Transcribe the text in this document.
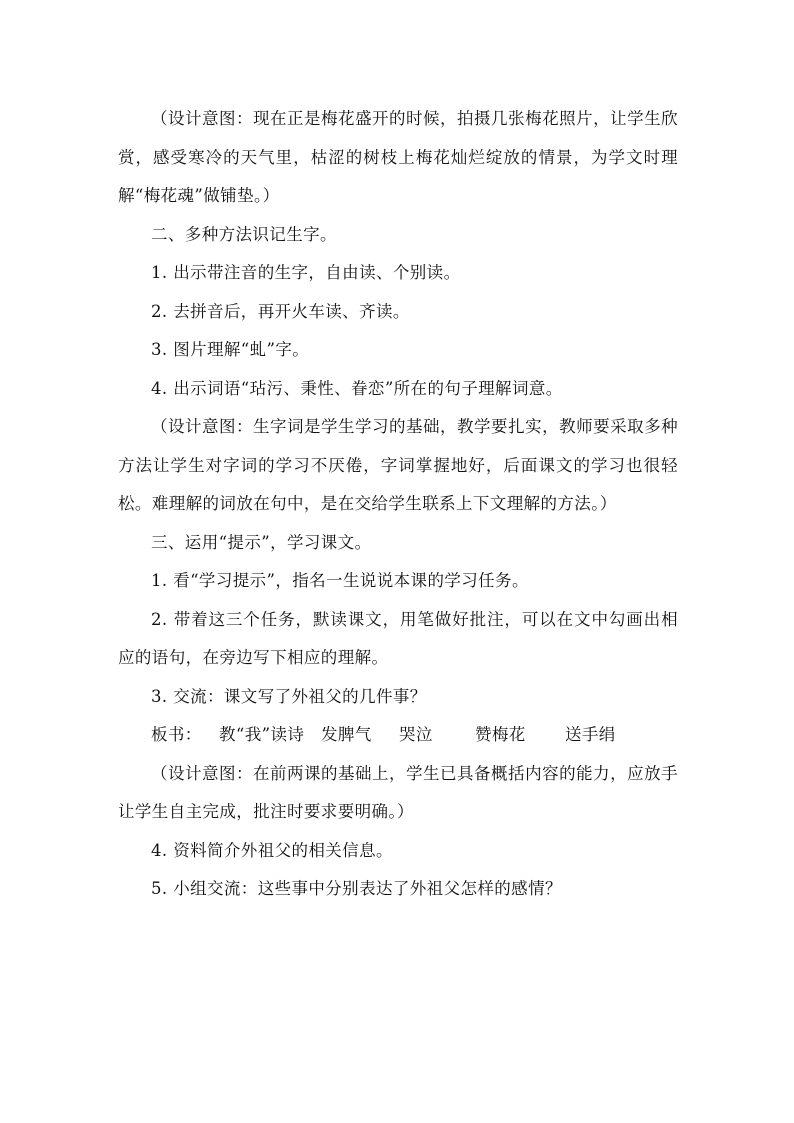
（设计意图：现在正是梅花盛开的时候，拍摄几张梅花照片，让学生欣赏，感受寒冷的天气里，枯涩的树枝上梅花灿烂绽放的情景，为学文时理解“梅花魂”做铺垫。）

二、多种方法识记生字。

1. 出示带注音的生字，自由读、个别读。

2. 去拼音后，再开火车读、齐读。

3. 图片理解“虬”字。

4. 出示词语“玷污、秉性、眷恋”所在的句子理解词意。

（设计意图：生字词是学生学习的基础，教学要扎实，教师要采取多种方法让学生对字词的学习不厌倦，字词掌握地好，后面课文的学习也很轻松。难理解的词放在句中，是在交给学生联系上下文理解的方法。）

三、运用“提示”，学习课文。

1. 看“学习提示”，指名一生说说本课的学习任务。

2. 带着这三个任务，默读课文，用笔做好批注，可以在文中勾画出相应的语句，在旁边写下相应的理解。

3. 交流：课文写了外祖父的几件事？

板书： 教“我”读诗 发脾气 哭泣	赞梅花 送手绢

（设计意图：在前两课的基础上，学生已具备概括内容的能力，应放手让学生自主完成，批注时要求要明确。）

4. 资料简介外祖父的相关信息。

5. 小组交流：这些事中分别表达了外祖父怎样的感情？
